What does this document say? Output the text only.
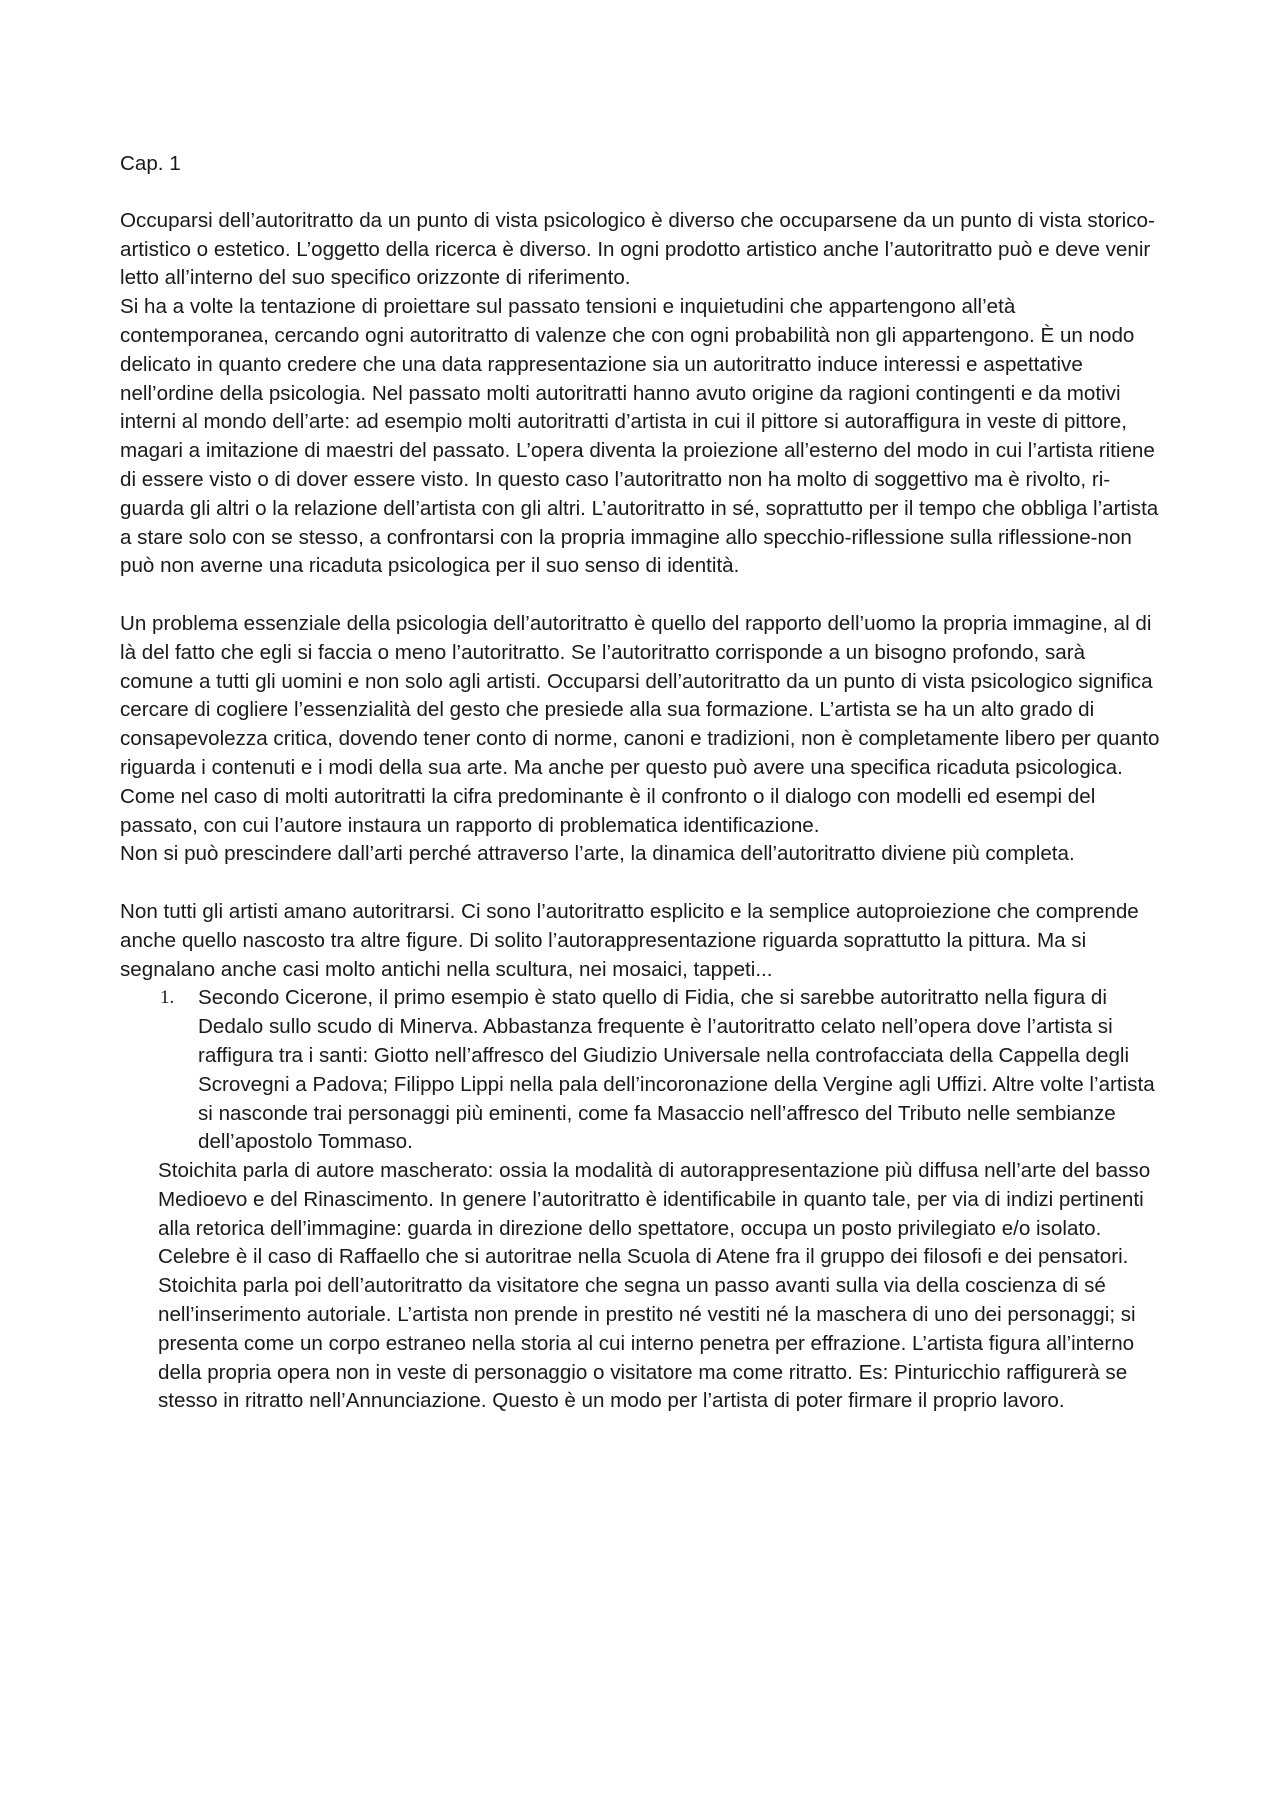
Cap. 1

Occuparsi dell’autoritratto da un punto di vista psicologico è diverso che occuparsene da un punto di vista storico-artistico o estetico. L’oggetto della ricerca è diverso. In ogni prodotto artistico anche l’autoritratto può e deve venir letto all’interno del suo specifico orizzonte di riferimento.

Si ha a volte la tentazione di proiettare sul passato tensioni e inquietudini che appartengono all’età contemporanea, cercando ogni autoritratto di valenze che con ogni probabilità non gli appartengono. È un nodo delicato in quanto credere che una data rappresentazione sia un autoritratto induce interessi e aspettative nell’ordine della psicologia. Nel passato molti autoritratti hanno avuto origine da ragioni contingenti e da motivi interni al mondo dell’arte: ad esempio molti autoritratti d’artista in cui il pittore si autoraffigura in veste di pittore, magari a imitazione di maestri del passato. L’opera diventa la proiezione all’esterno del modo in cui l’artista ritiene di essere visto o di dover essere visto. In questo caso l’autoritratto non ha molto di soggettivo ma è rivolto, ri-guarda gli altri o la relazione dell’artista con gli altri. L’autoritratto in sé, soprattutto per il tempo che obbliga l’artista a stare solo con se stesso, a confrontarsi con la propria immagine allo specchio-riflessione sulla riflessione-non può non averne una ricaduta psicologica per il suo senso di identità.

Un problema essenziale della psicologia dell’autoritratto è quello del rapporto dell’uomo la propria immagine, al di là del fatto che egli si faccia o meno l’autoritratto. Se l’autoritratto corrisponde a un bisogno profondo, sarà comune a tutti gli uomini e non solo agli artisti. Occuparsi dell’autoritratto da un punto di vista psicologico significa cercare di cogliere l’essenzialità del gesto che presiede alla sua formazione. L’artista se ha un alto grado di consapevolezza critica, dovendo tener conto di norme, canoni e tradizioni, non è completamente libero per quanto riguarda i contenuti e i modi della sua arte. Ma anche per questo può avere una specifica ricaduta psicologica. Come nel caso di molti autoritratti la cifra predominante è il confronto o il dialogo con modelli ed esempi del passato, con cui l’autore instaura un rapporto di problematica identificazione.

Non si può prescindere dall’arti perché attraverso l’arte, la dinamica dell’autoritratto diviene più completa.

Non tutti gli artisti amano autoritrarsi. Ci sono l’autoritratto esplicito e la semplice autoproiezione che comprende anche quello nascosto tra altre figure. Di solito l’autorappresentazione riguarda soprattutto la pittura. Ma si segnalano anche casi molto antichi nella scultura, nei mosaici, tappeti...

1. Secondo Cicerone, il primo esempio è stato quello di Fidia, che si sarebbe autoritratto nella figura di Dedalo sullo scudo di Minerva. Abbastanza frequente è l’autoritratto celato nell’opera dove l’artista si raffigura tra i santi: Giotto nell’affresco del Giudizio Universale nella controfacciata della Cappella degli Scrovegni a Padova; Filippo Lippi nella pala dell’incoronazione della Vergine agli Uffizi. Altre volte l’artista si nasconde trai personaggi più eminenti, come fa Masaccio nell’affresco del Tributo nelle sembianze dell’apostolo Tommaso.

Stoichita parla di autore mascherato: ossia la modalità di autorappresentazione più diffusa nell’arte del basso Medioevo e del Rinascimento. In genere l’autoritratto è identificabile in quanto tale, per via di indizi pertinenti alla retorica dell’immagine: guarda in direzione dello spettatore, occupa un posto privilegiato e/o isolato. Celebre è il caso di Raffaello che si autoritrae nella Scuola di Atene fra il gruppo dei filosofi e dei pensatori. Stoichita parla poi dell’autoritratto da visitatore che segna un passo avanti sulla via della coscienza di sé nell’inserimento autoriale. L’artista non prende in prestito né vestiti né la maschera di uno dei personaggi; si presenta come un corpo estraneo nella storia al cui interno penetra per effrazione. L’artista figura all’interno della propria opera non in veste di personaggio o visitatore ma come ritratto. Es: Pinturicchio raffigurerà se stesso in ritratto nell’Annunciazione. Questo è un modo per l’artista di poter firmare il proprio lavoro.
